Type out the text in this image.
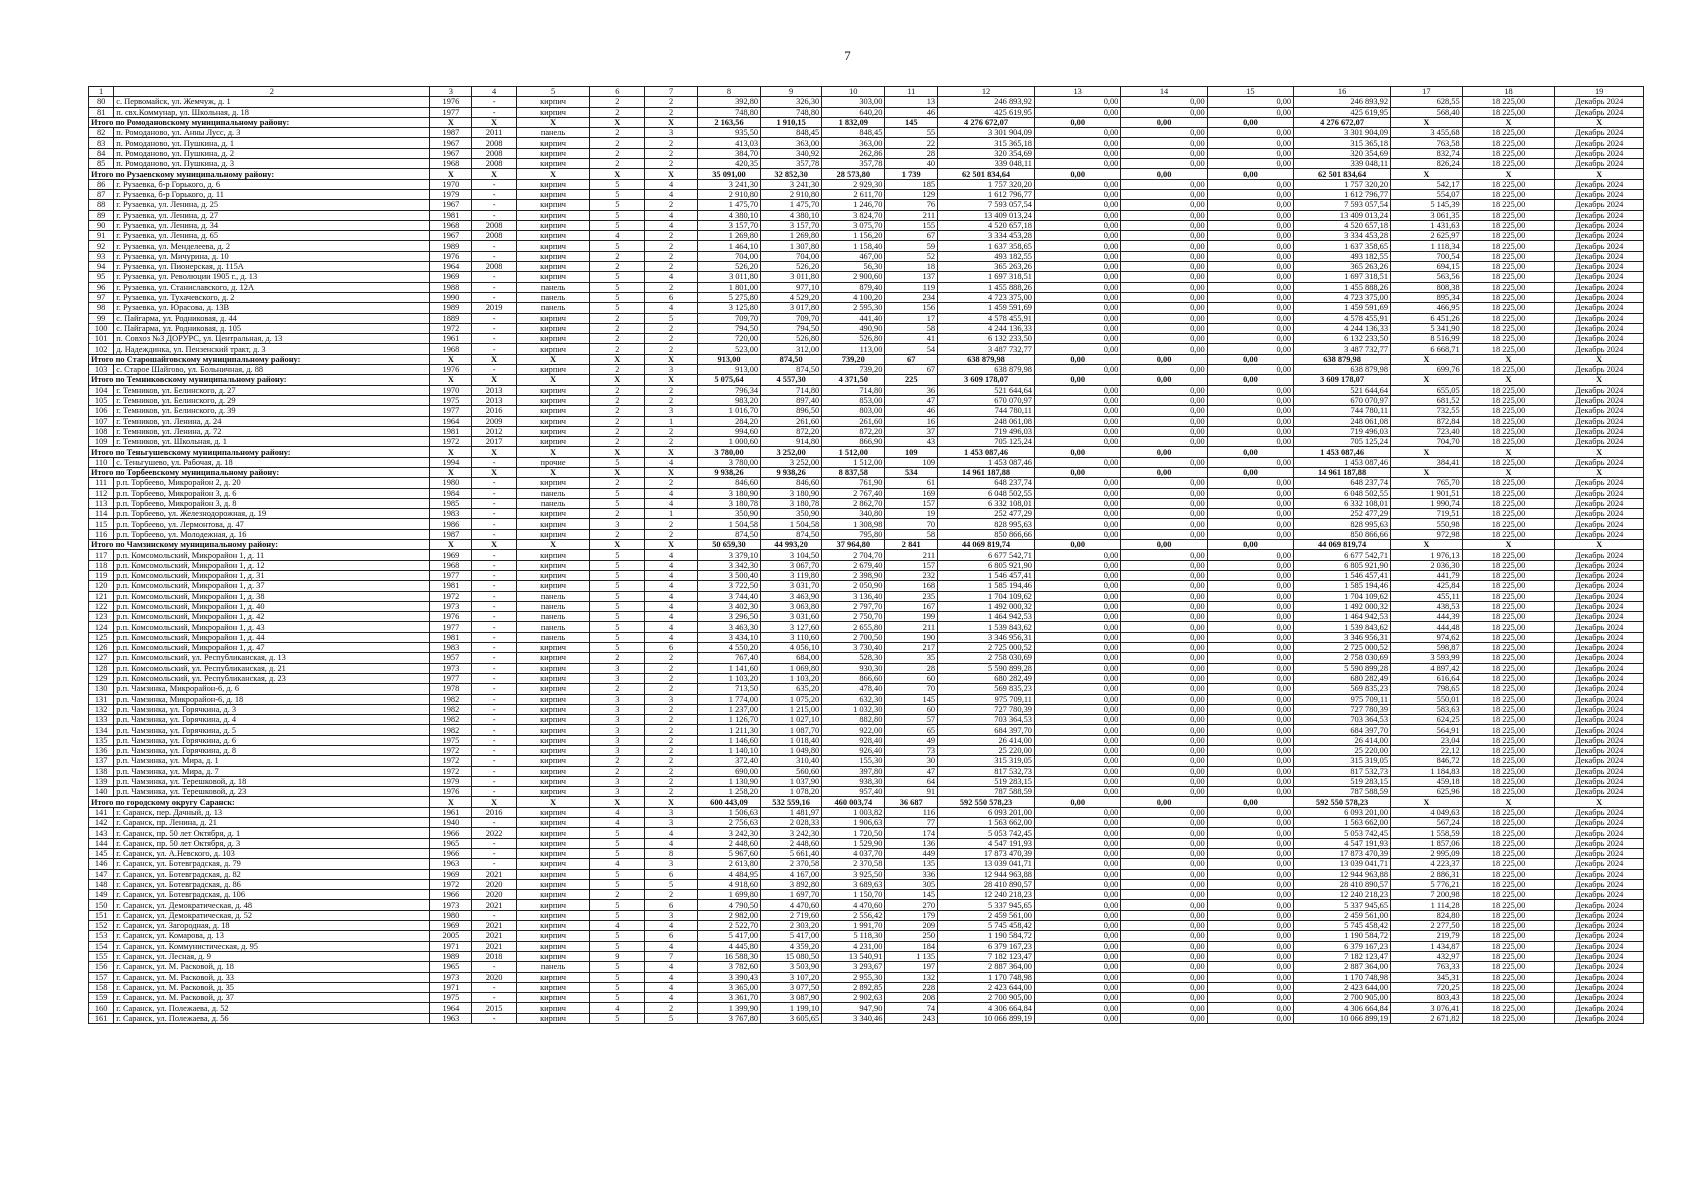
7
1	2	3	4	5	6	7	8	9	10	11	12	13	14	15	16	17	18	19
80	с. Первомайск, ул. Жемчуж, д. 1	1976	-	кирпич	2	2	392,80	326,30	303,00	13	246 893,92	0,00	0,00	0,00	246 893,92	628,55	18 225,00	Декабрь 2024
81	п. свх.Коммунар, ул. Школьная, д. 18	1977	-	кирпич	2	2	748,80	748,80	640,20	46	425 619,95	0,00	0,00	0,00	425 619,95	568,40	18 225,00	Декабрь 2024
Итого по Ромодановскому муниципальному району:		X	X	X	X	X	2 163,56	1 910,15	1 832,09	145	4 276 672,07	0,00	0,00	0,00	4 276 672,07	X	X	X
82	п. Ромоданово, ул. Анны Лусс, д. 3	1987	2011	панель	2	3	935,50	848,45	848,45	55	3 301 904,09	0,00	0,00	0,00	3 301 904,09	3 455,68	18 225,00	Декабрь 2024
83	п. Ромоданово, ул. Пушкина, д. 1	1967	2008	кирпич	2	2	413,03	363,00	363,00	22	315 365,18	0,00	0,00	0,00	315 365,18	763,58	18 225,00	Декабрь 2024
84	п. Ромоданово, ул. Пушкина, д. 2	1967	2008	кирпич	2	2	384,70	340,92	262,86	28	320 354,69	0,00	0,00	0,00	320 354,69	832,74	18 225,00	Декабрь 2024
85	п. Ромоданово, ул. Пушкина, д. 3	1968	2008	кирпич	2	2	420,35	357,78	357,78	40	339 048,11	0,00	0,00	0,00	339 048,11	826,24	18 225,00	Декабрь 2024
Итого по Рузаевскому муниципальному району:		X	X	X	X	X	35 091,00	32 852,30	28 573,80	1 739	62 501 834,64	0,00	0,00	0,00	62 501 834,64	X	X	X
86	г. Рузаевка, б-р Горького, д. 6	1970	-	кирпич	5	4	3 241,30	3 241,30	2 929,30	185	1 757 320,20	0,00	0,00	0,00	1 757 320,20	542,17	18 225,00	Декабрь 2024
87	г. Рузаевка, б-р Горького, д. 11	1979	-	кирпич	5	4	2 910,80	2 910,80	2 611,70	129	1 612 796,77	0,00	0,00	0,00	1 612 796,77	554,07	18 225,00	Декабрь 2024
88	г. Рузаевка, ул. Ленина, д. 25	1967	-	кирпич	5	2	1 475,70	1 475,70	1 246,70	76	7 593 057,54	0,00	0,00	0,00	7 593 057,54	5 145,39	18 225,00	Декабрь 2024
89	г. Рузаевка, ул. Ленина, д. 27	1981	-	кирпич	5	4	4 380,10	4 380,10	3 824,70	211	13 409 013,24	0,00	0,00	0,00	13 409 013,24	3 061,35	18 225,00	Декабрь 2024
90	г. Рузаевка, ул. Ленина, д. 34	1968	2008	кирпич	5	4	3 157,70	3 157,70	3 075,70	155	4 520 657,18	0,00	0,00	0,00	4 520 657,18	1 431,63	18 225,00	Декабрь 2024
91	г. Рузаевка, ул. Ленина, д. 65	1967	2008	кирпич	4	2	1 269,80	1 269,80	1 156,20	67	3 334 453,28	0,00	0,00	0,00	3 334 453,28	2 625,97	18 225,00	Декабрь 2024
92	г. Рузаевка, ул. Менделеева, д. 2	1989	-	кирпич	5	2	1 464,10	1 307,80	1 158,40	59	1 637 358,65	0,00	0,00	0,00	1 637 358,65	1 118,34	18 225,00	Декабрь 2024
93	г. Рузаевка, ул. Мичурина, д. 10	1976	-	кирпич	2	2	704,00	704,00	467,00	52	493 182,55	0,00	0,00	0,00	493 182,55	700,54	18 225,00	Декабрь 2024
94	г. Рузаевка, ул. Пионерская, д. 115А	1964	2008	кирпич	2	2	526,20	526,20	56,30	18	365 263,26	0,00	0,00	0,00	365 263,26	694,15	18 225,00	Декабрь 2024
95	г. Рузаевка, ул. Революции 1905 г., д. 13	1969	-	кирпич	5	4	3 011,80	3 011,80	2 900,60	137	1 697 318,51	0,00	0,00	0,00	1 697 318,51	563,56	18 225,00	Декабрь 2024
96	г. Рузаевка, ул. Станиславского, д. 12А	1988	-	панель	5	2	1 801,00	977,10	879,40	119	1 455 888,26	0,00	0,00	0,00	1 455 888,26	808,38	18 225,00	Декабрь 2024
97	г. Рузаевка, ул. Тухачевского, д. 2	1990	-	панель	5	6	5 275,80	4 529,20	4 100,20	234	4 723 375,00	0,00	0,00	0,00	4 723 375,00	895,34	18 225,00	Декабрь 2024
98	г. Рузаевка, ул. Юрасова, д. 13В	1989	2019	панель	5	4	3 125,80	3 017,80	2 595,30	156	1 459 591,69	0,00	0,00	0,00	1 459 591,69	466,95	18 225,00	Декабрь 2024
99	с. Пайгарма, ул. Родниковая, д. 44	1889	-	кирпич	2	5	709,70	709,70	441,40	17	4 578 455,91	0,00	0,00	0,00	4 578 455,91	6 451,26	18 225,00	Декабрь 2024
100	с. Пайгарма, ул. Родниковая, д. 105	1972	-	кирпич	2	2	794,50	794,50	490,90	58	4 244 136,33	0,00	0,00	0,00	4 244 136,33	5 341,90	18 225,00	Декабрь 2024
101	п. Совхоз №3 ДОРУРС, ул. Центральная, д. 13	1961	-	кирпич	2	2	720,00	526,80	526,80	41	6 132 233,50	0,00	0,00	0,00	6 132 233,50	8 516,99	18 225,00	Декабрь 2024
102	д. Надеждинка, ул. Пензенский тракт, д. 3	1968	-	кирпич	2	2	523,00	312,00	113,00	54	3 487 732,77	0,00	0,00	0,00	3 487 732,77	6 668,71	18 225,00	Декабрь 2024
Итого по Старошайговскому муниципальному району:		X	X	X	X	X	913,00	874,50	739,20	67	638 879,98	0,00	0,00	0,00	638 879,98	X	X	X
103	с. Старое Шайгово, ул. Больничная, д. 88	1976	-	кирпич	2	3	913,00	874,50	739,20	67	638 879,98	0,00	0,00	0,00	638 879,98	699,76	18 225,00	Декабрь 2024
Итого по Темниковскому муниципальному району:		X	X	X	X	X	5 075,64	4 557,30	4 371,50	225	3 609 178,07	0,00	0,00	0,00	3 609 178,07	X	X	X
104	г. Темников, ул. Белинского, д. 27	1970	2013	кирпич	2	2	796,34	714,80	714,80	36	521 644,64	0,00	0,00	0,00	521 644,64	655,05	18 225,00	Декабрь 2024
105	г. Темников, ул. Белинского, д. 29	1975	2013	кирпич	2	2	983,20	897,40	853,00	47	670 070,97	0,00	0,00	0,00	670 070,97	681,52	18 225,00	Декабрь 2024
106	г. Темников, ул. Белинского, д. 39	1977	2016	кирпич	2	3	1 016,70	896,50	803,00	46	744 780,11	0,00	0,00	0,00	744 780,11	732,55	18 225,00	Декабрь 2024
107	г. Темников, ул. Ленина, д. 24	1964	2009	кирпич	2	1	284,20	261,60	261,60	16	248 061,08	0,00	0,00	0,00	248 061,08	872,84	18 225,00	Декабрь 2024
108	г. Темников, ул. Ленина, д. 72	1981	2012	кирпич	2	2	994,60	872,20	872,20	37	719 496,03	0,00	0,00	0,00	719 496,03	723,40	18 225,00	Декабрь 2024
109	г. Темников, ул. Школьная, д. 1	1972	2017	кирпич	2	2	1 000,60	914,80	866,90	43	705 125,24	0,00	0,00	0,00	705 125,24	704,70	18 225,00	Декабрь 2024
Итого по Теньгушевскому муниципальному району:		X	X	X	X	X	3 780,00	3 252,00	1 512,00	109	1 453 087,46	0,00	0,00	0,00	1 453 087,46	X	X	X
110	с. Теньгушево, ул. Рабочая, д. 18	1994	-	прочие	5	4	3 780,00	3 252,00	1 512,00	109	1 453 087,46	0,00	0,00	0,00	1 453 087,46	384,41	18 225,00	Декабрь 2024
Итого по Торбеевскому муниципальному району:		X	X	X	X	X	9 938,26	9 938,26	8 837,58	534	14 961 187,88	0,00	0,00	0,00	14 961 187,88	X	X	X
111	р.п. Торбеево, Микрорайон 2, д. 20	1980	-	кирпич	2	2	846,60	846,60	761,90	61	648 237,74	0,00	0,00	0,00	648 237,74	765,70	18 225,00	Декабрь 2024
112	р.п. Торбеево, Микрорайон 3, д. 6	1984	-	панель	5	4	3 180,90	3 180,90	2 767,40	169	6 048 502,55	0,00	0,00	0,00	6 048 502,55	1 901,51	18 225,00	Декабрь 2024
113	р.п. Торбеево, Микрорайон 3, д. 8	1985	-	панель	5	4	3 180,78	3 180,78	2 862,70	157	6 332 108,01	0,00	0,00	0,00	6 332 108,01	1 990,74	18 225,00	Декабрь 2024
114	р.п. Торбеево, ул. Железнодорожная, д. 19	1983	-	кирпич	2	1	350,90	350,90	340,80	19	252 477,29	0,00	0,00	0,00	252 477,29	719,51	18 225,00	Декабрь 2024
115	р.п. Торбеево, ул. Лермонтова, д. 47	1986	-	кирпич	3	2	1 504,58	1 504,58	1 308,98	70	828 995,63	0,00	0,00	0,00	828 995,63	550,98	18 225,00	Декабрь 2024
116	р.п. Торбеево, ул. Молодежная, д. 16	1987	-	кирпич	2	2	874,50	874,50	795,80	58	850 866,66	0,00	0,00	0,00	850 866,66	972,98	18 225,00	Декабрь 2024
Итого по Чамзинскому муниципальному району:		X	X	X	X	X	50 659,30	44 993,20	37 964,80	2 841	44 069 819,74	0,00	0,00	0,00	44 069 819,74	X	X	X
117	р.п. Комсомольский, Микрорайон 1, д. 11	1969	-	кирпич	5	4	3 379,10	3 104,50	2 704,70	211	6 677 542,71	0,00	0,00	0,00	6 677 542,71	1 976,13	18 225,00	Декабрь 2024
118	р.п. Комсомольский, Микрорайон 1, д. 12	1968	-	кирпич	5	4	3 342,30	3 067,70	2 679,40	157	6 805 921,90	0,00	0,00	0,00	6 805 921,90	2 036,30	18 225,00	Декабрь 2024
119	р.п. Комсомольский, Микрорайон 1, д. 31	1977	-	кирпич	5	4	3 500,40	3 119,80	2 398,90	232	1 546 457,41	0,00	0,00	0,00	1 546 457,41	441,79	18 225,00	Декабрь 2024
120	р.п. Комсомольский, Микрорайон 1, д. 37	1981	-	кирпич	5	4	3 722,50	3 031,70	2 050,90	168	1 585 194,46	0,00	0,00	0,00	1 585 194,46	425,84	18 225,00	Декабрь 2024
121	р.п. Комсомольский, Микрорайон 1, д. 38	1972	-	панель	5	4	3 744,40	3 463,90	3 136,40	235	1 704 109,62	0,00	0,00	0,00	1 704 109,62	455,11	18 225,00	Декабрь 2024
122	р.п. Комсомольский, Микрорайон 1, д. 40	1973	-	панель	5	4	3 402,30	3 063,80	2 797,70	167	1 492 000,32	0,00	0,00	0,00	1 492 000,32	438,53	18 225,00	Декабрь 2024
123	р.п. Комсомольский, Микрорайон 1, д. 42	1976	-	панель	5	4	3 296,50	3 031,60	2 750,70	199	1 464 942,53	0,00	0,00	0,00	1 464 942,53	444,39	18 225,00	Декабрь 2024
124	р.п. Комсомольский, Микрорайон 1, д. 43	1977	-	панель	5	4	3 463,30	3 127,60	2 655,80	211	1 539 843,62	0,00	0,00	0,00	1 539 843,62	444,48	18 225,00	Декабрь 2024
125	р.п. Комсомольский, Микрорайон 1, д. 44	1981	-	панель	5	4	3 434,10	3 110,60	2 700,50	190	3 346 956,31	0,00	0,00	0,00	3 346 956,31	974,62	18 225,00	Декабрь 2024
126	р.п. Комсомольский, Микрорайон 1, д. 47	1983	-	кирпич	5	6	4 550,20	4 056,10	3 730,40	217	2 725 000,52	0,00	0,00	0,00	2 725 000,52	598,87	18 225,00	Декабрь 2024
127	р.п. Комсомольский, ул. Республиканская, д. 13	1957	-	кирпич	2	2	767,40	684,00	528,30	35	2 758 030,69	0,00	0,00	0,00	2 758 030,69	3 593,99	18 225,00	Декабрь 2024
128	р.п. Комсомольский, ул. Республиканская, д. 21	1973	-	кирпич	3	2	1 141,60	1 069,80	930,30	28	5 590 899,28	0,00	0,00	0,00	5 590 899,28	4 897,42	18 225,00	Декабрь 2024
129	р.п. Комсомольский, ул. Республиканская, д. 23	1977	-	кирпич	3	2	1 103,20	1 103,20	866,60	60	680 282,49	0,00	0,00	0,00	680 282,49	616,64	18 225,00	Декабрь 2024
130	р.п. Чамзинка, Микрорайон-6, д. 6	1978	-	кирпич	2	2	713,50	635,20	478,40	70	569 835,23	0,00	0,00	0,00	569 835,23	798,65	18 225,00	Декабрь 2024
131	р.п. Чамзинка, Микрорайон-6, д. 18	1982	-	кирпич	3	3	1 774,00	1 075,20	632,30	145	975 709,11	0,00	0,00	0,00	975 709,11	550,01	18 225,00	Декабрь 2024
132	р.п. Чамзинка, ул. Горячкина, д. 3	1982	-	кирпич	3	2	1 237,00	1 215,00	1 032,30	60	727 780,39	0,00	0,00	0,00	727 780,39	583,63	18 225,00	Декабрь 2024
133	р.п. Чамзинка, ул. Горячкина, д. 4	1982	-	кирпич	3	2	1 126,70	1 027,10	882,80	57	703 364,53	0,00	0,00	0,00	703 364,53	624,25	18 225,00	Декабрь 2024
134	р.п. Чамзинка, ул. Горячкина, д. 5	1982	-	кирпич	3	2	1 211,30	1 087,70	922,00	65	684 397,70	0,00	0,00	0,00	684 397,70	564,91	18 225,00	Декабрь 2024
135	р.п. Чамзинка, ул. Горячкина, д. 6	1975	-	кирпич	3	2	1 146,60	1 018,40	928,40	49	26 414,00	0,00	0,00	0,00	26 414,00	23,04	18 225,00	Декабрь 2024
136	р.п. Чамзинка, ул. Горячкина, д. 8	1972	-	кирпич	3	2	1 140,10	1 049,80	926,40	73	25 220,00	0,00	0,00	0,00	25 220,00	22,12	18 225,00	Декабрь 2024
137	р.п. Чамзинка, ул. Мира, д. 1	1972	-	кирпич	2	2	372,40	310,40	155,30	30	315 319,05	0,00	0,00	0,00	315 319,05	846,72	18 225,00	Декабрь 2024
138	р.п. Чамзинка, ул. Мира, д. 7	1972	-	кирпич	2	2	690,00	560,60	397,80	47	817 532,73	0,00	0,00	0,00	817 532,73	1 184,83	18 225,00	Декабрь 2024
139	р.п. Чамзинка, ул. Терешковой, д. 18	1979	-	кирпич	3	2	1 130,90	1 037,90	938,30	64	519 283,15	0,00	0,00	0,00	519 283,15	459,18	18 225,00	Декабрь 2024
140	р.п. Чамзинка, ул. Терешковой, д. 23	1976	-	кирпич	3	2	1 258,20	1 078,20	957,40	91	787 588,59	0,00	0,00	0,00	787 588,59	625,96	18 225,00	Декабрь 2024
Итого по городскому округу Саранск:		X	X	X	X	X	600 443,09	532 559,16	460 003,74	36 687	592 550 578,23	0,00	0,00	0,00	592 550 578,23	X	X	X
141	г. Саранск, пер. Дачный, д. 13	1961	2016	кирпич	4	3	1 506,63	1 481,97	1 003,82	116	6 093 201,00	0,00	0,00	0,00	6 093 201,00	4 049,63	18 225,00	Декабрь 2024
142	г. Саранск, пр. Ленина, д. 21	1940	-	кирпич	4	3	2 756,63	2 028,33	1 906,63	77	1 563 662,00	0,00	0,00	0,00	1 563 662,00	567,24	18 225,00	Декабрь 2024
143	г. Саранск, пр. 50 лет Октября, д. 1	1966	2022	кирпич	5	4	3 242,30	3 242,30	1 720,50	174	5 053 742,45	0,00	0,00	0,00	5 053 742,45	1 558,59	18 225,00	Декабрь 2024
144	г. Саранск, пр. 50 лет Октября, д. 3	1965	-	кирпич	5	4	2 448,60	2 448,60	1 529,90	136	4 547 191,93	0,00	0,00	0,00	4 547 191,93	1 857,06	18 225,00	Декабрь 2024
145	г. Саранск, ул. А.Невского, д. 103	1966	-	кирпич	5	8	5 967,60	5 661,40	4 037,70	449	17 873 470,39	0,00	0,00	0,00	17 873 470,39	2 995,09	18 225,00	Декабрь 2024
146	г. Саранск, ул. Ботевградская, д. 79	1963	-	кирпич	4	3	2 613,80	2 370,58	2 370,58	135	13 039 041,71	0,00	0,00	0,00	13 039 041,71	4 223,37	18 225,00	Декабрь 2024
147	г. Саранск, ул. Ботевградская, д. 82	1969	2021	кирпич	5	6	4 484,95	4 167,00	3 925,50	336	12 944 963,88	0,00	0,00	0,00	12 944 963,88	2 886,31	18 225,00	Декабрь 2024
148	г. Саранск, ул. Ботевградская, д. 86	1972	2020	кирпич	5	5	4 918,60	3 892,80	3 689,63	305	28 410 890,57	0,00	0,00	0,00	28 410 890,57	5 776,21	18 225,00	Декабрь 2024
149	г. Саранск, ул. Ботевградская, д. 106	1966	2020	кирпич	2	2	1 699,80	1 697,70	1 150,70	145	12 240 218,23	0,00	0,00	0,00	12 240 218,23	7 200,98	18 225,00	Декабрь 2024
150	г. Саранск, ул. Демократическая, д. 48	1973	2021	кирпич	5	6	4 790,50	4 470,60	4 470,60	270	5 337 945,65	0,00	0,00	0,00	5 337 945,65	1 114,28	18 225,00	Декабрь 2024
151	г. Саранск, ул. Демократическая, д. 52	1980	-	кирпич	5	3	2 982,00	2 719,60	2 556,42	179	2 459 561,00	0,00	0,00	0,00	2 459 561,00	824,80	18 225,00	Декабрь 2024
152	г. Саранск, ул. Загородная, д. 18	1969	2021	кирпич	4	4	2 522,70	2 303,20	1 991,70	209	5 745 458,42	0,00	0,00	0,00	5 745 458,42	2 277,50	18 225,00	Декабрь 2024
153	г. Саранск, ул. Комарова, д. 13	2005	2021	кирпич	5	6	5 417,00	5 417,00	5 118,30	250	1 190 584,72	0,00	0,00	0,00	1 190 584,72	219,79	18 225,00	Декабрь 2024
154	г. Саранск, ул. Коммунистическая, д. 95	1971	2021	кирпич	5	4	4 445,80	4 359,20	4 231,00	184	6 379 167,23	0,00	0,00	0,00	6 379 167,23	1 434,87	18 225,00	Декабрь 2024
155	г. Саранск, ул. Лесная, д. 9	1989	2018	кирпич	9	7	16 588,30	15 080,50	13 540,91	1 135	7 182 123,47	0,00	0,00	0,00	7 182 123,47	432,97	18 225,00	Декабрь 2024
156	г. Саранск, ул. М. Расковой, д. 18	1965	-	панель	5	4	3 782,60	3 503,90	3 293,67	197	2 887 364,00	0,00	0,00	0,00	2 887 364,00	763,33	18 225,00	Декабрь 2024
157	г. Саранск, ул. М. Расковой, д. 33	1973	2020	кирпич	5	4	3 390,43	3 107,20	2 955,30	132	1 170 748,98	0,00	0,00	0,00	1 170 748,98	345,31	18 225,00	Декабрь 2024
158	г. Саранск, ул. М. Расковой, д. 35	1971	-	кирпич	5	4	3 365,00	3 077,50	2 892,85	228	2 423 644,00	0,00	0,00	0,00	2 423 644,00	720,25	18 225,00	Декабрь 2024
159	г. Саранск, ул. М. Расковой, д. 37	1975	-	кирпич	5	4	3 361,70	3 087,90	2 902,63	208	2 700 905,00	0,00	0,00	0,00	2 700 905,00	803,43	18 225,00	Декабрь 2024
160	г. Саранск, ул. Полежаева, д. 52	1964	2015	кирпич	4	2	1 399,90	1 199,10	947,90	74	4 306 664,84	0,00	0,00	0,00	4 306 664,84	3 076,41	18 225,00	Декабрь 2024
161	г. Саранск, ул. Полежаева, д. 56	1963	-	кирпич	5	5	3 767,80	3 605,65	3 340,46	243	10 066 899,19	0,00	0,00	0,00	10 066 899,19	2 671,82	18 225,00	Декабрь 2024
